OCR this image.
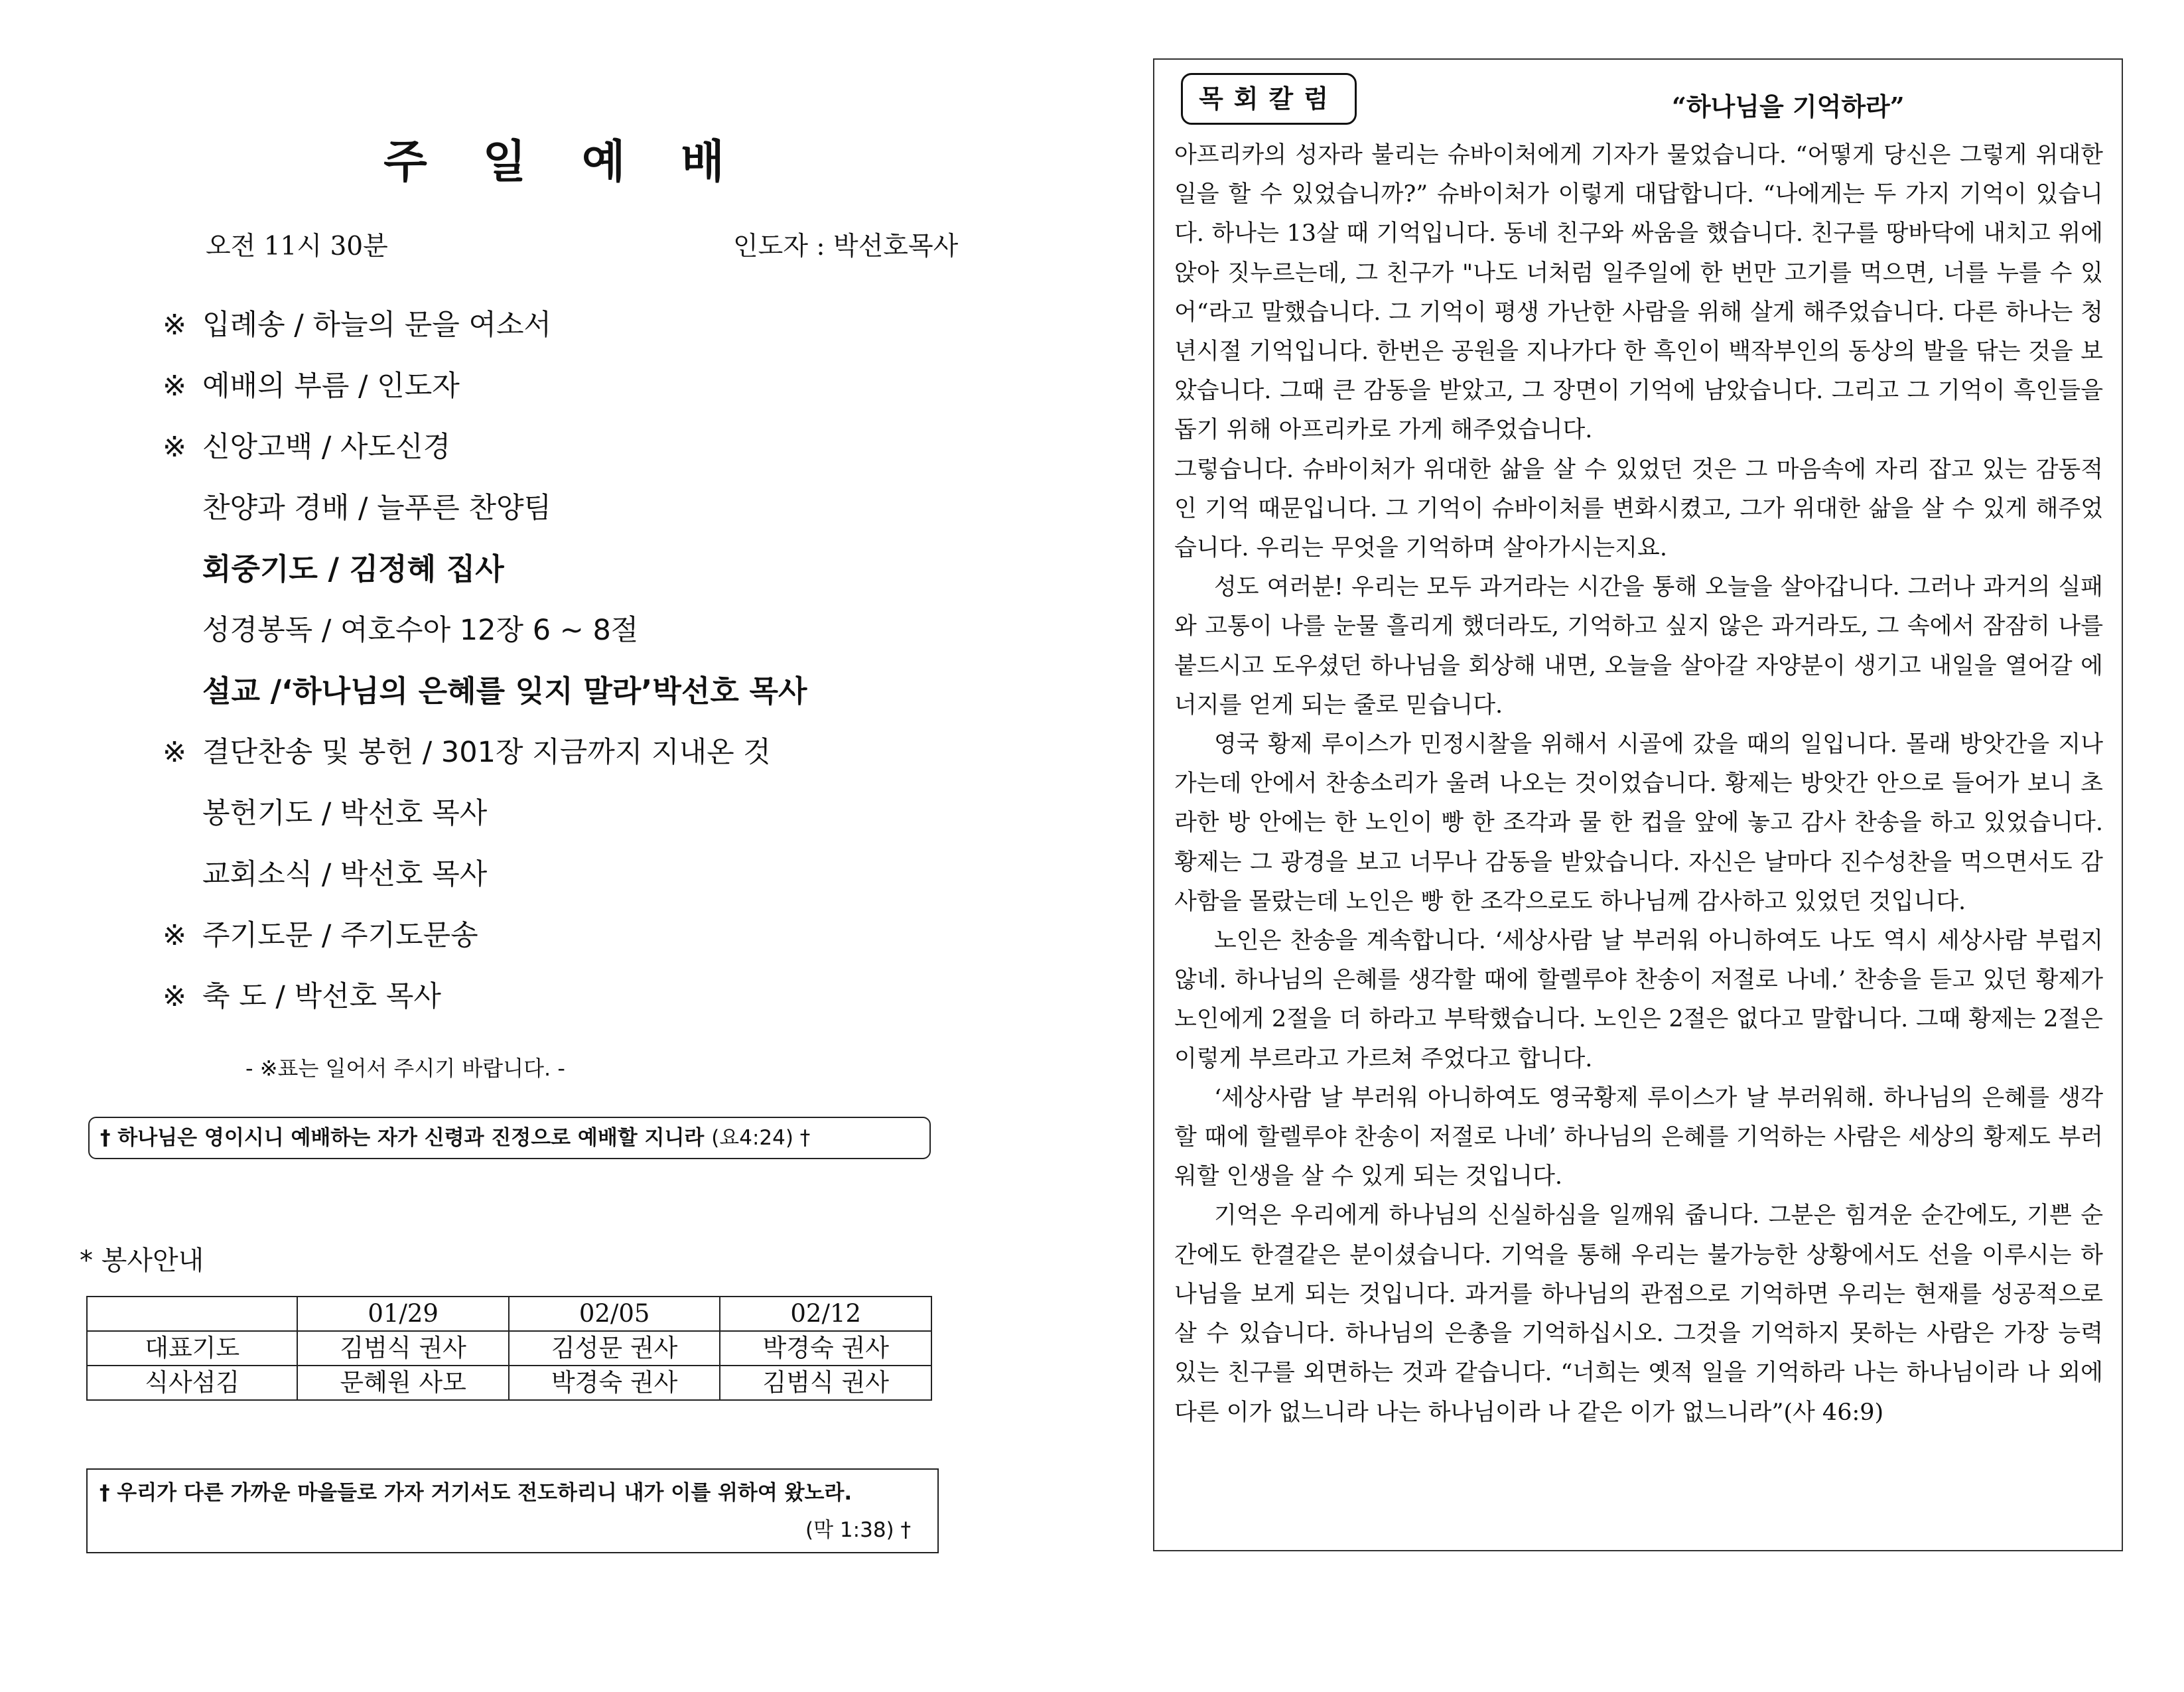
주 일 예 배
오전 11시 30분	인도자 : 박선호목사
※ 입례송 / 하늘의 문을 여소서
※ 예배의 부름 / 인도자
※ 신앙고백 / 사도신경
찬양과 경배 / 늘푸른 찬양팀
회중기도 / 김정혜 집사
성경봉독 / 여호수아 12장 6 ~ 8절
설교 /‘하나님의 은혜를 잊지 말라’박선호 목사
※ 결단찬송 및 봉헌 / 301장 지금까지 지내온 것
봉헌기도 / 박선호 목사
교회소식 / 박선호 목사
※ 주기도문 / 주기도문송
※ 축 도 / 박선호 목사
- ※표는 일어서 주시기 바랍니다. -
† 하나님은 영이시니 예배하는 자가 신령과 진정으로 예배할 지니라 (요4:24) †
* 봉사안내
	01/29	02/05	02/12
대표기도	김범식 권사	김성문 권사	박경숙 권사
식사섬김	문혜원 사모	박경숙 권사	김범식 권사
† 우리가 다른 가까운 마을들로 가자 거기서도 전도하리니 내가 이를 위하여 왔노라.
(막 1:38) †
목회칼럼	“하나님을 기억하라”

아프리카의 성자라 불리는 슈바이처에게 기자가 물었습니다. “어떻게 당신은 그렇게 위대한 일을 할 수 있었습니까?” 슈바이처가 이렇게 대답합니다. “나에게는 두 가지 기억이 있습니다. 하나는 13살 때 기억입니다. 동네 친구와 싸움을 했습니다. 친구를 땅바닥에 내치고 위에 앉아 짓누르는데, 그 친구가 "나도 너처럼 일주일에 한 번만 고기를 먹으면, 너를 누를 수 있어“라고 말했습니다. 그 기억이 평생 가난한 사람을 위해 살게 해주었습니다. 다른 하나는 청년시절 기억입니다. 한번은 공원을 지나가다 한 흑인이 백작부인의 동상의 발을 닦는 것을 보았습니다. 그때 큰 감동을 받았고, 그 장면이 기억에 남았습니다. 그리고 그 기억이 흑인들을 돕기 위해 아프리카로 가게 해주었습니다.

그렇습니다. 슈바이처가 위대한 삶을 살 수 있었던 것은 그 마음속에 자리 잡고 있는 감동적인 기억 때문입니다. 그 기억이 슈바이처를 변화시켰고, 그가 위대한 삶을 살 수 있게 해주었습니다. 우리는 무엇을 기억하며 살아가시는지요.

성도 여러분! 우리는 모두 과거라는 시간을 통해 오늘을 살아갑니다. 그러나 과거의 실패와 고통이 나를 눈물 흘리게 했더라도, 기억하고 싶지 않은 과거라도, 그 속에서 잠잠히 나를 붙드시고 도우셨던 하나님을 회상해 내면, 오늘을 살아갈 자양분이 생기고 내일을 열어갈 에너지를 얻게 되는 줄로 믿습니다.

영국 황제 루이스가 민정시찰을 위해서 시골에 갔을 때의 일입니다. 몰래 방앗간을 지나가는데 안에서 찬송소리가 울려 나오는 것이었습니다. 황제는 방앗간 안으로 들어가 보니 초라한 방 안에는 한 노인이 빵 한 조각과 물 한 컵을 앞에 놓고 감사 찬송을 하고 있었습니다. 황제는 그 광경을 보고 너무나 감동을 받았습니다. 자신은 날마다 진수성찬을 먹으면서도 감사함을 몰랐는데 노인은 빵 한 조각으로도 하나님께 감사하고 있었던 것입니다.

노인은 찬송을 계속합니다. ‘세상사람 날 부러워 아니하여도 나도 역시 세상사람 부럽지 않네. 하나님의 은혜를 생각할 때에 할렐루야 찬송이 저절로 나네.’ 찬송을 듣고 있던 황제가 노인에게 2절을 더 하라고 부탁했습니다. 노인은 2절은 없다고 말합니다. 그때 황제는 2절은 이렇게 부르라고 가르쳐 주었다고 합니다.

‘세상사람 날 부러워 아니하여도 영국황제 루이스가 날 부러워해. 하나님의 은혜를 생각할 때에 할렐루야 찬송이 저절로 나네’ 하나님의 은혜를 기억하는 사람은 세상의 황제도 부러워할 인생을 살 수 있게 되는 것입니다.

기억은 우리에게 하나님의 신실하심을 일깨워 줍니다. 그분은 힘겨운 순간에도, 기쁜 순간에도 한결같은 분이셨습니다. 기억을 통해 우리는 불가능한 상황에서도 선을 이루시는 하나님을 보게 되는 것입니다. 과거를 하나님의 관점으로 기억하면 우리는 현재를 성공적으로 살 수 있습니다. 하나님의 은총을 기억하십시오. 그것을 기억하지 못하는 사람은 가장 능력 있는 친구를 외면하는 것과 같습니다. “너희는 옛적 일을 기억하라 나는 하나님이라 나 외에 다른 이가 없느니라 나는 하나님이라 나 같은 이가 없느니라”(사 46:9)
